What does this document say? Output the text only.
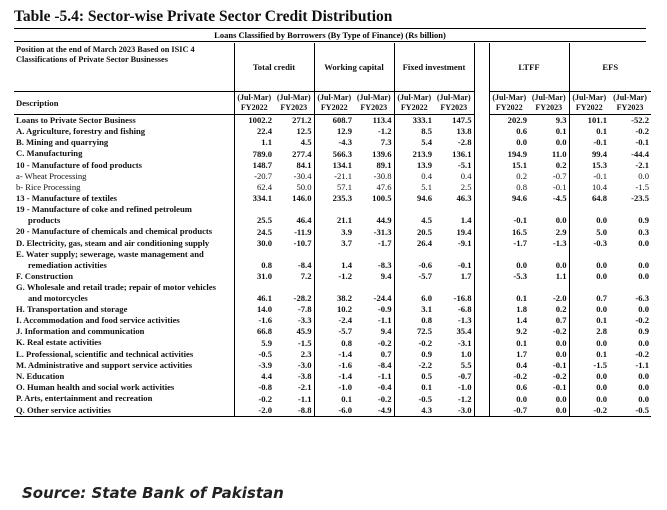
Table -5.4: Sector-wise Private Sector Credit Distribution
Loans Classified by Borrowers (By Type of Finance) (Rs billion)
Position at the end of March 2023 Based on ISIC 4 Classifications of Private Sector Businesses	Total credit		Working capital		Fixed investment			LTFF		EFS	
Description	(Jul-Mar) FY2022	(Jul-Mar) FY2023	(Jul-Mar) FY2022	(Jul-Mar) FY2023	(Jul-Mar) FY2022	(Jul-Mar) FY2023		(Jul-Mar) FY2022	(Jul-Mar) FY2023	(Jul-Mar) FY2022	(Jul-Mar) FY2023

Loans to Private Sector Business	1002.2	271.2	608.7	113.4	333.1	147.5		202.9	9.3	101.1	-52.2

A. Agriculture, forestry and fishing	22.4	12.5	12.9	-1.2	8.5	13.8		0.6	0.1	0.1	-0.2

B. Mining and quarrying	1.1	4.5	-4.3	7.3	5.4	-2.8		0.0	0.0	-0.1	-0.1

C. Manufacturing	789.0	277.4	566.3	139.6	213.9	136.1		194.9	11.0	99.4	-44.4

10 - Manufacture of food products	148.7	84.1	134.1	89.1	13.9	-5.1		15.1	0.2	15.3	-2.1

a- Wheat Processing	-20.7	-30.4	-21.1	-30.8	0.4	0.4		0.2	-0.7	-0.1	0.0

b- Rice Processing	62.4	50.0	57.1	47.6	5.1	2.5		0.8	-0.1	10.4	-1.5

13 - Manufacture of textiles	334.1	146.0	235.3	100.5	94.6	46.3		94.6	-4.5	64.8	-23.5

19 - Manufacture of coke and refined petroleum
products	25.5	46.4	21.1	44.9	4.5	1.4		-0.1	0.0	0.0	0.9

20 - Manufacture of chemicals and chemical products	24.5	-11.9	3.9	-31.3	20.5	19.4		16.5	2.9	5.0	0.3

D. Electricity, gas, steam and air conditioning supply	30.0	-10.7	3.7	-1.7	26.4	-9.1		-1.7	-1.3	-0.3	0.0

E. Water supply; sewerage, waste management and
remediation activities	0.8	-8.4	1.4	-8.3	-0.6	-0.1		0.0	0.0	0.0	0.0

F. Construction	31.0	7.2	-1.2	9.4	-5.7	1.7		-5.3	1.1	0.0	0.0

G. Wholesale and retail trade; repair of motor vehicles
and motorcycles	46.1	-28.2	38.2	-24.4	6.0	-16.8		0.1	-2.0	0.7	-6.3

H. Transportation and storage	14.0	-7.8	10.2	-0.9	3.1	-6.8		1.8	0.2	0.0	0.0

I. Accommodation and food service activities	-1.6	-3.3	-2.4	-1.1	0.8	-1.3		1.4	0.7	0.1	-0.2

J. Information and communication	66.8	45.9	-5.7	9.4	72.5	35.4		9.2	-0.2	2.8	0.9

K. Real estate activities	5.9	-1.5	0.8	-0.2	-0.2	-3.1		0.1	0.0	0.0	0.0

L. Professional, scientific and technical activities	-0.5	2.3	-1.4	0.7	0.9	1.0		1.7	0.0	0.1	-0.2

M. Administrative and support service activities	-3.9	-3.0	-1.6	-8.4	-2.2	5.5		0.4	-0.1	-1.5	-1.1

N. Education	4.4	-3.8	-1.4	-1.1	0.5	-0.7		-0.2	-0.2	0.0	0.0

O. Human health and social work activities	-0.8	-2.1	-1.0	-0.4	0.1	-1.0		0.6	-0.1	0.0	0.0

P. Arts, entertainment and recreation	-0.2	-1.1	0.1	-0.2	-0.5	-1.2		0.0	0.0	0.0	0.0

Q. Other service activities	-2.0	-8.8	-6.0	-4.9	4.3	-3.0		-0.7	0.0	-0.2	-0.5
Source: State Bank of Pakistan
